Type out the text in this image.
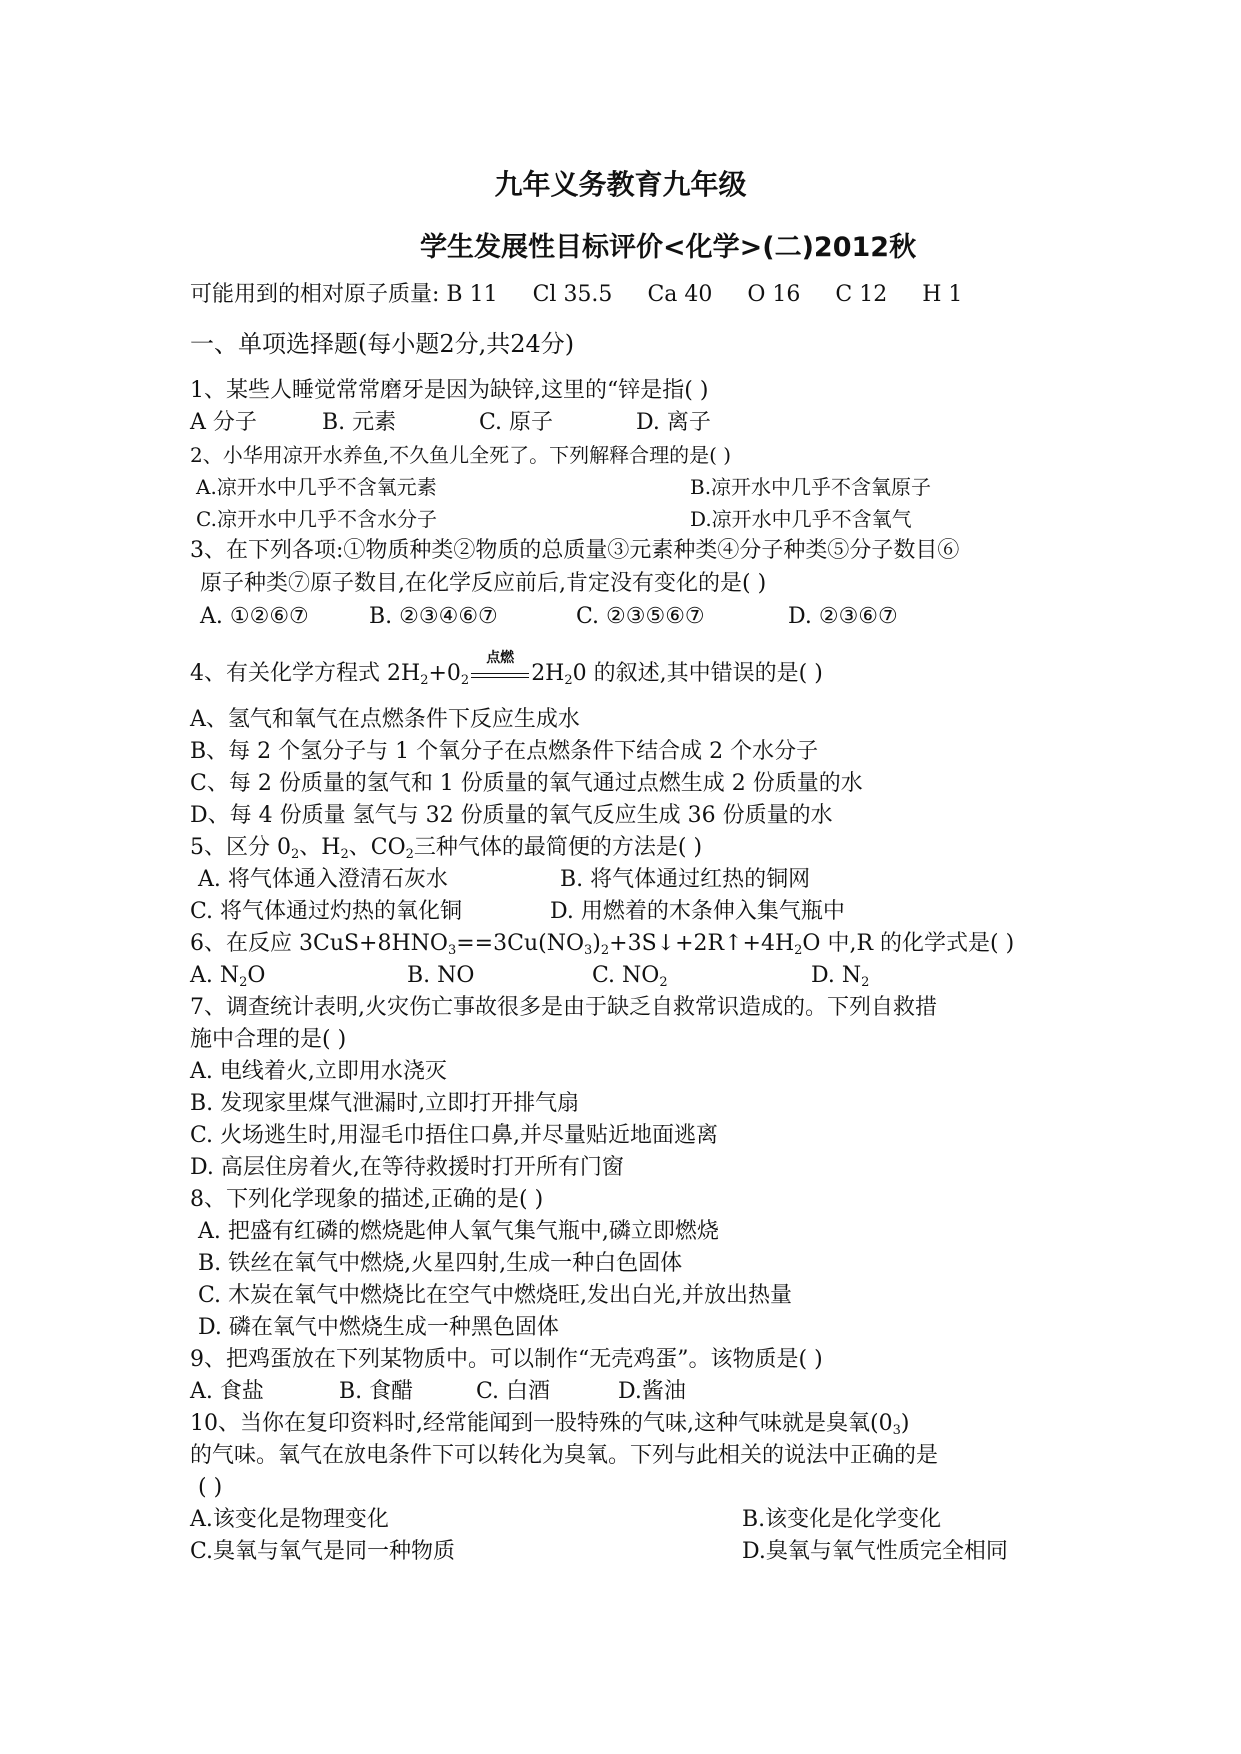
九年义务教育九年级
学生发展性目标评价<化学>(二)2012秋
可能用到的相对原子质量: B 11 Cl 35.5 Ca 40 O 16 C 12 H 1
一、单项选择题(每小题2分,共24分)
1、某些人睡觉常常磨牙是因为缺锌,这里的“锌是指( )
A 分子	B. 元素	C. 原子	D. 离子
2、小华用凉开水养鱼,不久鱼儿全死了。下列解释合理的是( )
A.凉开水中几乎不含氧元素	B.凉开水中几乎不含氧原子
C.凉开水中几乎不含水分子	D.凉开水中几乎不含氧气
3、在下列各项:①物质种类②物质的总质量③元素种类④分子种类⑤分子数目⑥
原子种类⑦原子数目,在化学反应前后,肯定没有变化的是( )
A. ①②⑥⑦	B. ②③④⑥⑦	C. ②③⑤⑥⑦	D. ②③⑥⑦
4、有关化学方程式 $2H_2+0_2$
点燃
$2H_20$ 的叙述,其中错误的是( )
A、氢气和氧气在点燃条件下反应生成水
B、每 2 个氢分子与 1 个氧分子在点燃条件下结合成 2 个水分子
C、每 2 份质量的氢气和 1 份质量的氧气通过点燃生成 2 份质量的水
D、每 4 份质量 氢气与 32 份质量的氧气反应生成 36 份质量的水
5、区分 $0_2$、$H_2$、$CO_2$三种气体的最简便的方法是( )
A. 将气体通入澄清石灰水	B. 将气体通过红热的铜网
C. 将气体通过灼热的氧化铜	D. 用燃着的木条伸入集气瓶中
6、在反应 $3CuS+8HNO_3==3Cu(NO_3)_2+3S↓+2R↑+4H_2O$ 中,R 的化学式是( )
A. $N_2O$	B. NO	C. $NO_2$	D. $N_2$
7、调查统计表明,火灾伤亡事故很多是由于缺乏自救常识造成的。下列自救措
施中合理的是( )
A. 电线着火,立即用水浇灭
B. 发现家里煤气泄漏时,立即打开排气扇
C. 火场逃生时,用湿毛巾捂住口鼻,并尽量贴近地面逃离
D. 高层住房着火,在等待救援时打开所有门窗
8、下列化学现象的描述,正确的是( )
A. 把盛有红磷的燃烧匙伸人氧气集气瓶中,磷立即燃烧
B. 铁丝在氧气中燃烧,火星四射,生成一种白色固体
C. 木炭在氧气中燃烧比在空气中燃烧旺,发出白光,并放出热量
D. 磷在氧气中燃烧生成一种黑色固体
9、把鸡蛋放在下列某物质中。可以制作“无壳鸡蛋”。该物质是( )
A. 食盐	B. 食醋	C. 白酒	D.酱油
10、当你在复印资料时,经常能闻到一股特殊的气味,这种气味就是臭氧$(0_3)$
的气味。氧气在放电条件下可以转化为臭氧。下列与此相关的说法中正确的是
( )
A.该变化是物理变化	B.该变化是化学变化
C.臭氧与氧气是同一种物质	D.臭氧与氧气性质完全相同
